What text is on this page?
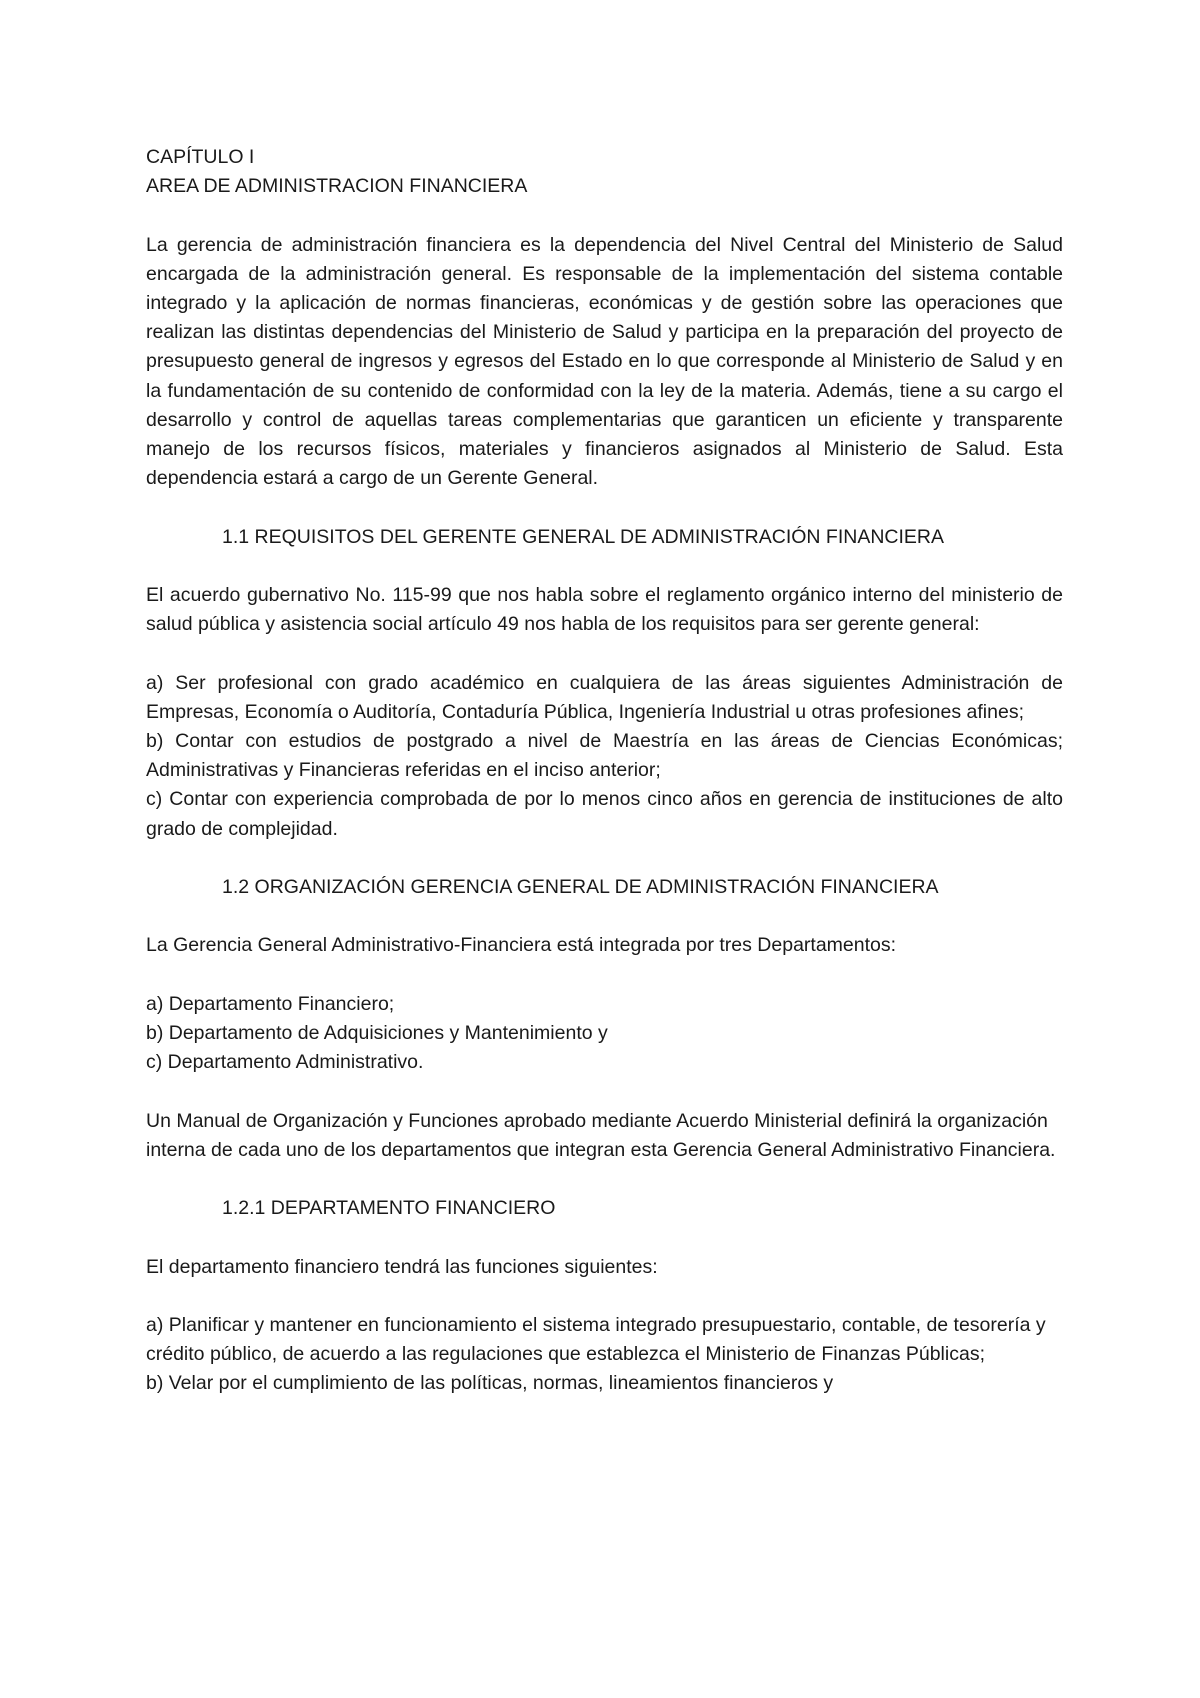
CAPÍTULO I

AREA DE ADMINISTRACION FINANCIERA

La gerencia de administración financiera es la dependencia del Nivel Central del Ministerio de Salud encargada de la administración general. Es responsable de la implementación del sistema contable integrado y la aplicación de normas financieras, económicas y de gestión sobre las operaciones que realizan las distintas dependencias del Ministerio de Salud y participa en la preparación del proyecto de presupuesto general de ingresos y egresos del Estado en lo que corresponde al Ministerio de Salud y en la fundamentación de su contenido de conformidad con la ley de la materia. Además, tiene a su cargo el desarrollo y control de aquellas tareas complementarias que garanticen un eficiente y transparente manejo de los recursos físicos, materiales y financieros asignados al Ministerio de Salud. Esta dependencia estará a cargo de un Gerente General.

1.1 REQUISITOS DEL GERENTE GENERAL DE ADMINISTRACIÓN FINANCIERA

El acuerdo gubernativo No. 115-99 que nos habla sobre el reglamento orgánico interno del ministerio de salud pública y asistencia social artículo 49 nos habla de los requisitos para ser gerente general:

a) Ser profesional con grado académico en cualquiera de las áreas siguientes Administración de Empresas, Economía o Auditoría, Contaduría Pública, Ingeniería Industrial u otras profesiones afines;

b) Contar con estudios de postgrado a nivel de Maestría en las áreas de Ciencias Económicas; Administrativas y Financieras referidas en el inciso anterior;

c) Contar con experiencia comprobada de por lo menos cinco años en gerencia de instituciones de alto grado de complejidad.

1.2 ORGANIZACIÓN GERENCIA GENERAL DE ADMINISTRACIÓN FINANCIERA

La Gerencia General Administrativo-Financiera está integrada por tres Departamentos:

a) Departamento Financiero;

b) Departamento de Adquisiciones y Mantenimiento y

c) Departamento Administrativo.

Un Manual de Organización y Funciones aprobado mediante Acuerdo Ministerial definirá la organización interna de cada uno de los departamentos que integran esta Gerencia General Administrativo Financiera.

1.2.1 DEPARTAMENTO FINANCIERO

El departamento financiero tendrá las funciones siguientes:

a) Planificar y mantener en funcionamiento el sistema integrado presupuestario, contable, de tesorería y crédito público, de acuerdo a las regulaciones que establezca el Ministerio de Finanzas Públicas;

b) Velar por el cumplimiento de las políticas, normas, lineamientos financieros y
